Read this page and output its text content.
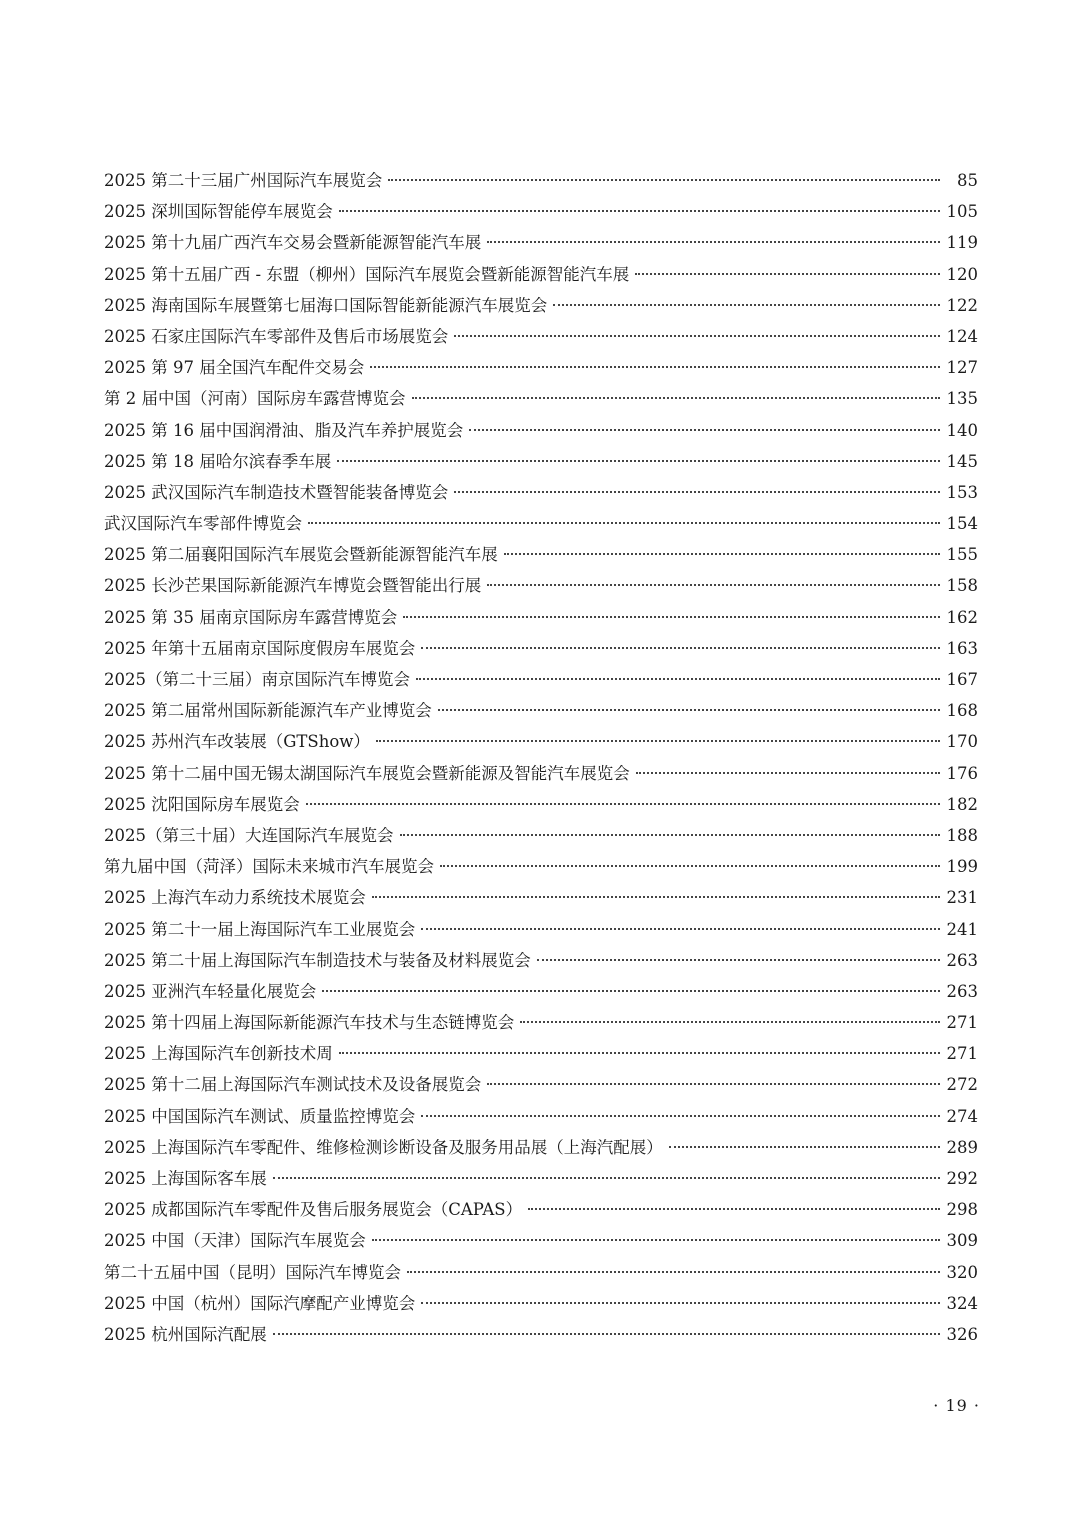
2025 第二十三届广州国际汽车展览会	85
2025 深圳国际智能停车展览会	105
2025 第十九届广西汽车交易会暨新能源智能汽车展	119
2025 第十五届广西 - 东盟（柳州）国际汽车展览会暨新能源智能汽车展	120
2025 海南国际车展暨第七届海口国际智能新能源汽车展览会	122
2025 石家庄国际汽车零部件及售后市场展览会	124
2025 第 97 届全国汽车配件交易会	127
第 2 届中国（河南）国际房车露营博览会	135
2025 第 16 届中国润滑油、脂及汽车养护展览会	140
2025 第 18 届哈尔滨春季车展	145
2025 武汉国际汽车制造技术暨智能装备博览会	153
武汉国际汽车零部件博览会	154
2025 第二届襄阳国际汽车展览会暨新能源智能汽车展	155
2025 长沙芒果国际新能源汽车博览会暨智能出行展	158
2025 第 35 届南京国际房车露营博览会	162
2025 年第十五届南京国际度假房车展览会	163
2025（第二十三届）南京国际汽车博览会	167
2025 第二届常州国际新能源汽车产业博览会	168
2025 苏州汽车改装展（GTShow）	170
2025 第十二届中国无锡太湖国际汽车展览会暨新能源及智能汽车展览会	176
2025 沈阳国际房车展览会	182
2025（第三十届）大连国际汽车展览会	188
第九届中国（菏泽）国际未来城市汽车展览会	199
2025 上海汽车动力系统技术展览会	231
2025 第二十一届上海国际汽车工业展览会	241
2025 第二十届上海国际汽车制造技术与装备及材料展览会	263
2025 亚洲汽车轻量化展览会	263
2025 第十四届上海国际新能源汽车技术与生态链博览会	271
2025 上海国际汽车创新技术周	271
2025 第十二届上海国际汽车测试技术及设备展览会	272
2025 中国国际汽车测试、质量监控博览会	274
2025 上海国际汽车零配件、维修检测诊断设备及服务用品展（上海汽配展）	289
2025 上海国际客车展	292
2025 成都国际汽车零配件及售后服务展览会（CAPAS）	298
2025 中国（天津）国际汽车展览会	309
第二十五届中国（昆明）国际汽车博览会	320
2025 中国（杭州）国际汽摩配产业博览会	324
2025 杭州国际汽配展	326
· 19 ·
